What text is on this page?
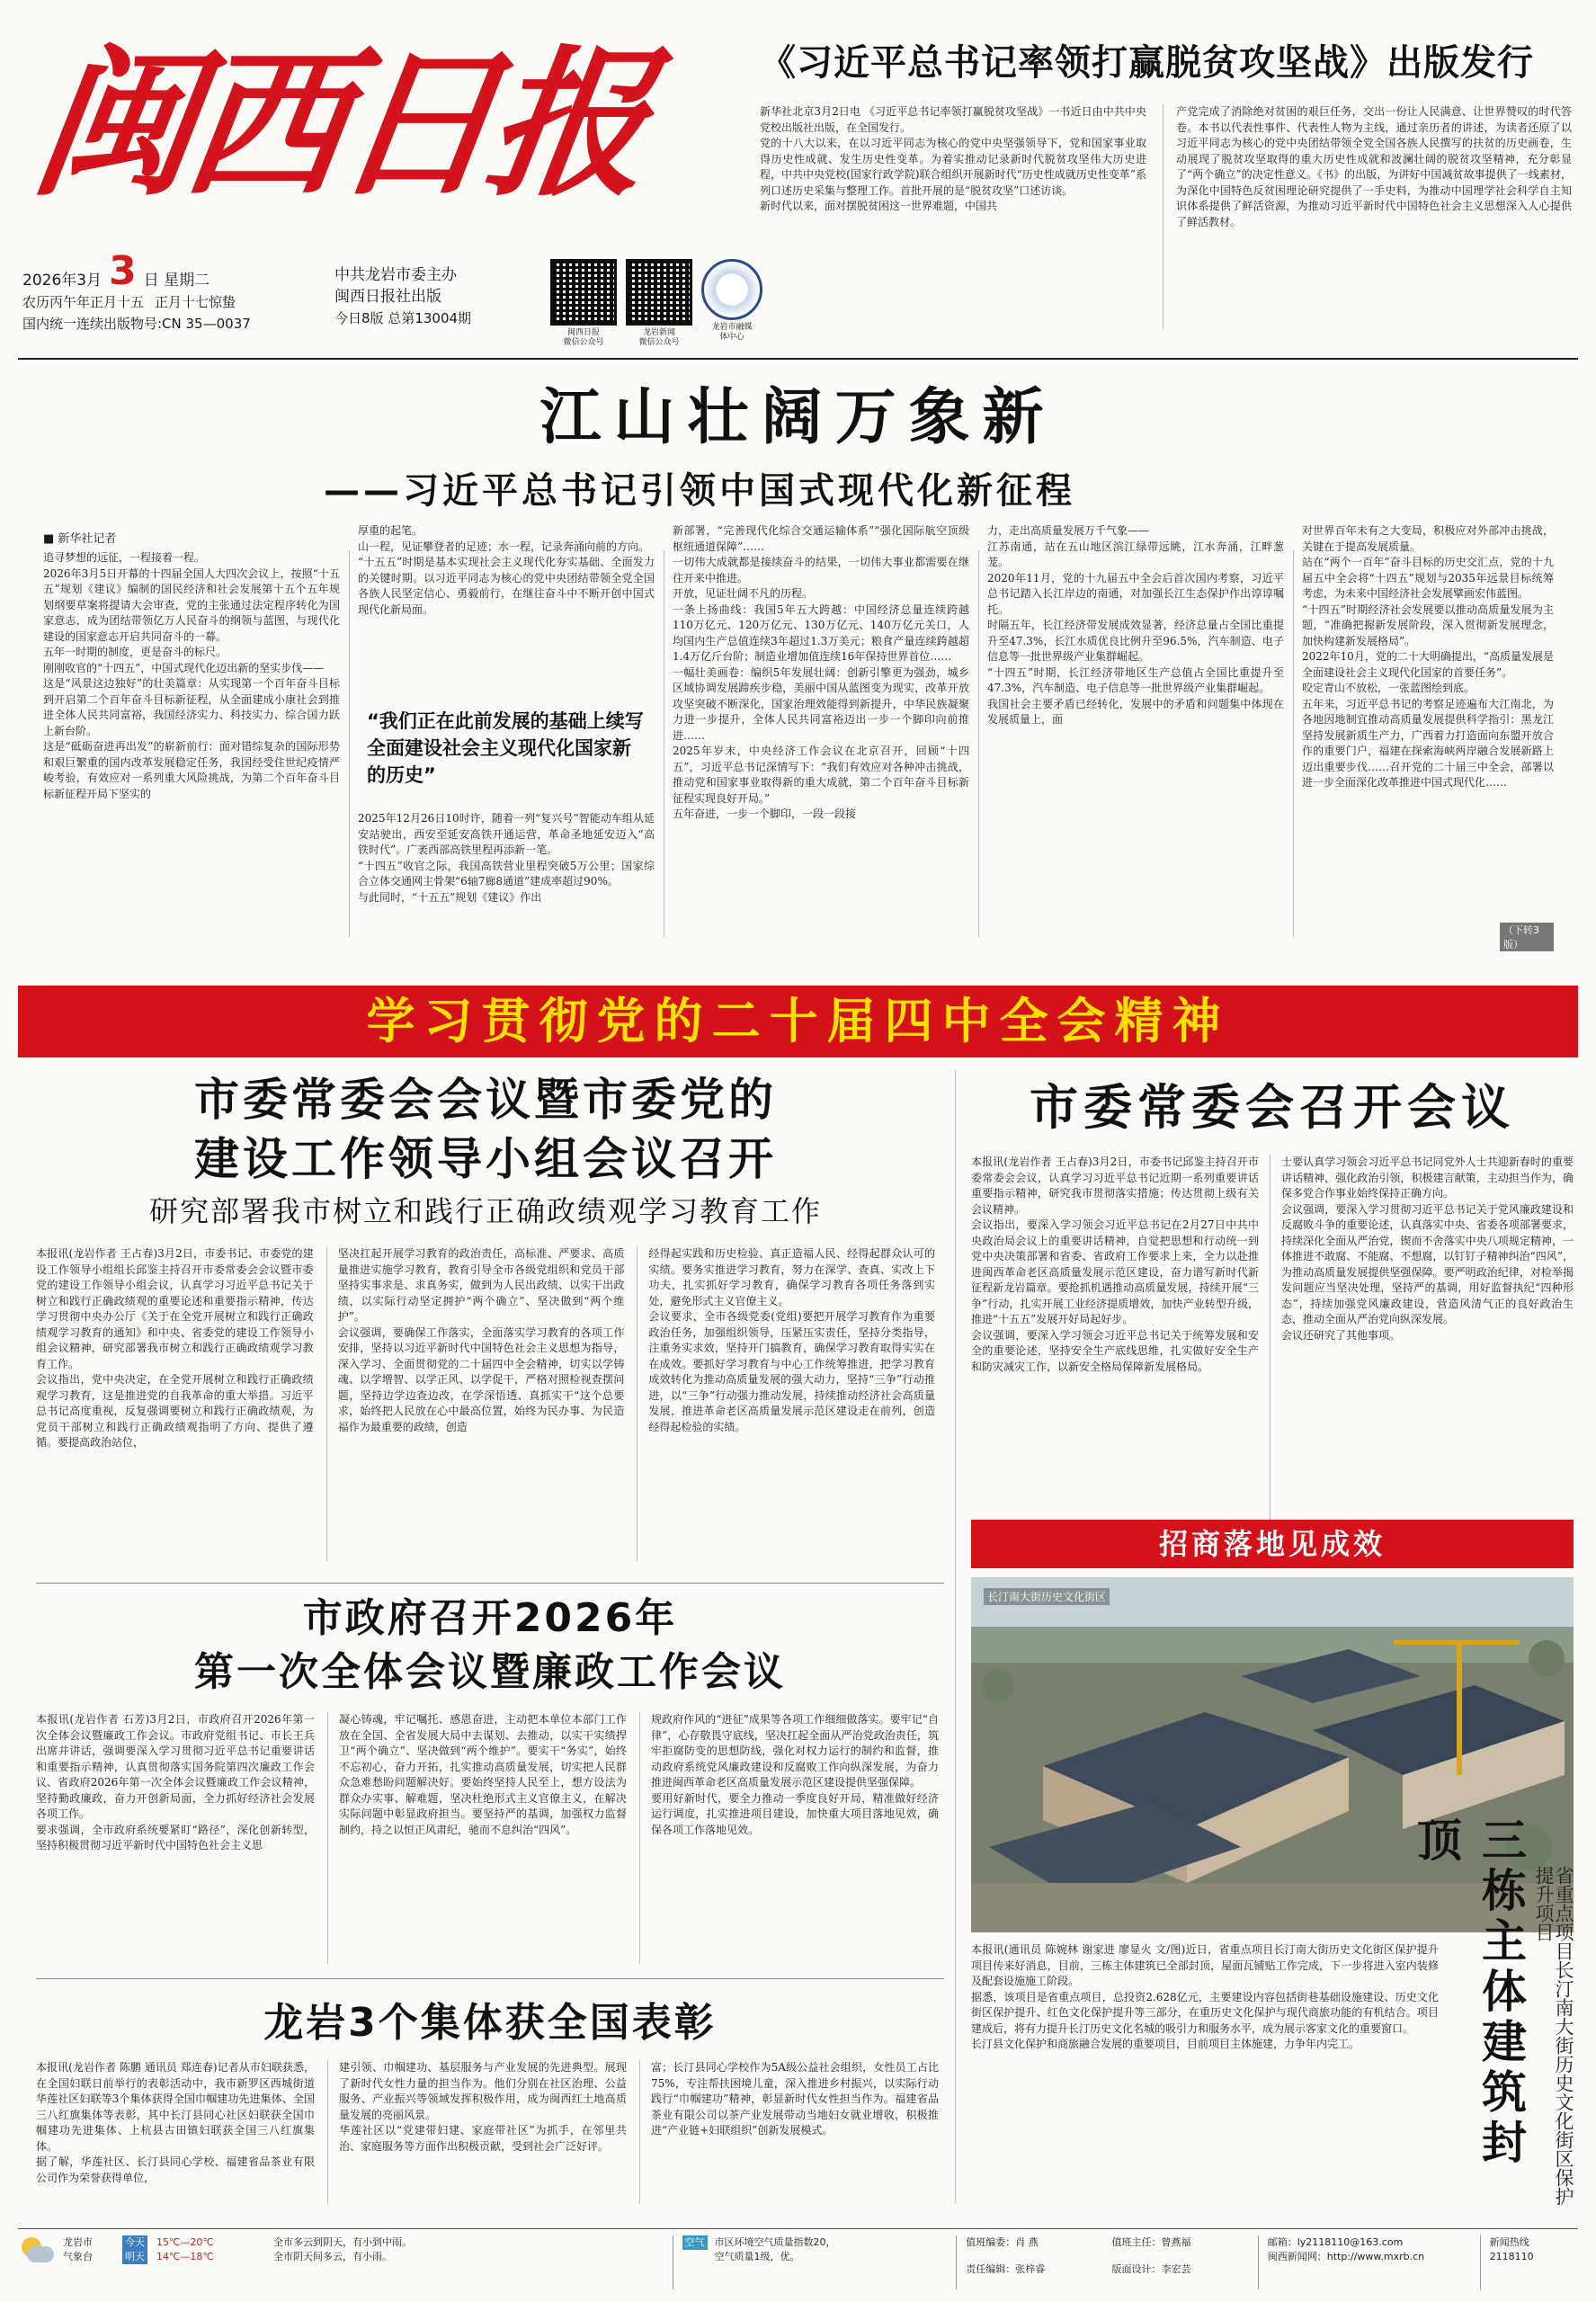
闽西日报
2026年3月 3 日 星期二
农历丙午年正月十五 正月十七惊蛰
国内统一连续出版物号:CN 35—0037
中共龙岩市委主办
闽西日报社出版
今日8版 总第13004期
闽西日报
微信公众号
龙岩新闻
微信公众号
龙岩市融媒
体中心
《习近平总书记率领打赢脱贫攻坚战》出版发行
新华社北京3月2日电 《习近平总书记率领打赢脱贫攻坚战》一书近日由中共中央党校出版社出版，在全国发行。
党的十八大以来，在以习近平同志为核心的党中央坚强领导下，党和国家事业取得历史性成就、发生历史性变革。为着实推动记录新时代脱贫攻坚伟大历史进程，中共中央党校(国家行政学院)联合组织开展新时代“历史性成就历史性变革”系列口述历史采集与整理工作。首批开展的是“脱贫攻坚”口述访谈。
新时代以来，面对摆脱贫困这一世界难题，中国共
产党完成了消除绝对贫困的艰巨任务，交出一份让人民满意、让世界赞叹的时代答卷。本书以代表性事件、代表性人物为主线，通过亲历者的讲述，为读者还原了以习近平同志为核心的党中央团结带领全党全国各族人民撰写的扶贫的历史画卷，生动展现了脱贫攻坚取得的重大历史性成就和波澜壮阔的脱贫攻坚精神，充分彰显了“两个确立”的决定性意义。《书》的出版，为讲好中国减贫故事提供了一线素材，为深化中国特色反贫困理论研究提供了一手史料，为推动中国理学社会科学自主知识体系提供了鲜活资源，为推动习近平新时代中国特色社会主义思想深入人心提供了鲜活教材。
江山壮阔万象新
——习近平总书记引领中国式现代化新征程
■ 新华社记者
追寻梦想的远征，一程接着一程。
2026年3月5日开幕的十四届全国人大四次会议上，按照“十五五”规划《建议》编制的国民经济和社会发展第十五个五年规划纲要草案将提请大会审查，党的主张通过法定程序转化为国家意志，成为团结带领亿万人民奋斗的纲领与蓝图，与现代化建设的国家意志开启共同奋斗的一幕。
五年一时期的制度，更是奋斗的标尺。
刚刚收官的“十四五”，中国式现代化迈出新的坚实步伐——
这是“风景这边独好”的壮美篇章：从实现第一个百年奋斗目标到开启第二个百年奋斗目标新征程，从全面建成小康社会到推进全体人民共同富裕，我国经济实力、科技实力、综合国力跃上新台阶。
这是“砥砺奋进再出发”的崭新前行：面对错综复杂的国际形势和艰巨繁重的国内改革发展稳定任务，我国经受住世纪疫情严峻考验，有效应对一系列重大风险挑战，为第二个百年奋斗目标新征程开局下坚实的
厚重的起笔。
山一程，见证攀登者的足迹；水一程，记录奔涌向前的方向。
“十五五”时期是基本实现社会主义现代化夯实基础、全面发力的关键时期。以习近平同志为核心的党中央团结带领全党全国各族人民坚定信心、勇毅前行，在继往奋斗中不断开创中国式现代化新局面。
“我们正在此前发展的基础上续写全面建设社会主义现代化国家新的历史”
2025年12月26日10时许，随着一列“复兴号”智能动车组从延安站驶出，西安至延安高铁开通运营，革命圣地延安迈入“高铁时代”。广袤西部高铁里程再添新一笔。
“十四五”收官之际，我国高铁营业里程突破5万公里；国家综合立体交通网主骨架“6轴7廊8通道”建成率超过90%。
与此同时，“十五五”规划《建议》作出
新部署，“完善现代化综合交通运输体系”“强化国际航空顶级枢纽通道保障”……
一切伟大成就都是接续奋斗的结果，一切伟大事业都需要在继往开来中推进。
开放，见证壮阔不凡的历程。
一条上扬曲线：我国5年五大跨越：中国经济总量连续跨越110万亿元、120万亿元、130万亿元、140万亿元关口，人均国内生产总值连续3年超过1.3万美元；粮食产量连续跨越超1.4万亿斤台阶；制造业增加值连续16年保持世界首位……
一幅壮美画卷：编织5年发展壮阔：创新引擎更为强劲，城乡区域协调发展蹄疾步稳，美丽中国从蓝图变为现实，改革开放攻坚突破不断深化，国家治理效能得到新提升，中华民族凝聚力进一步提升，全体人民共同富裕迈出一步一个脚印向前推进……
2025年岁末，中央经济工作会议在北京召开，回顾“十四五”，习近平总书记深情写下：“我们有效应对各种冲击挑战，推动党和国家事业取得新的重大成就，第二个百年奋斗目标新征程实现良好开局。”
五年奋进，一步一个脚印，一段一段接
力，走出高质量发展万千气象——
江苏南通，站在五山地区滨江绿带远眺，江水奔涌，江畔葱茏。
2020年11月，党的十九届五中全会后首次国内考察，习近平总书记踏入长江岸边的南通，对加强长江生态保护作出谆谆嘱托。
时隔五年，长江经济带发展成效显著，经济总量占全国比重提升至47.3%，长江水质优良比例升至96.5%，汽车制造、电子信息等一批世界级产业集群崛起。
“十四五”时期，长江经济带地区生产总值占全国比重提升至47.3%，汽车制造、电子信息等一批世界级产业集群崛起。
我国社会主要矛盾已经转化，发展中的矛盾和问题集中体现在发展质量上，面
对世界百年未有之大变局，积极应对外部冲击挑战，关键在于提高发展质量。
站在“两个一百年”奋斗目标的历史交汇点，党的十九届五中全会将“十四五”规划与2035年远景目标统筹考虑，为未来中国经济社会发展擘画宏伟蓝图。
“十四五”时期经济社会发展要以推动高质量发展为主题，“准确把握新发展阶段，深入贯彻新发展理念，加快构建新发展格局”。
2022年10月，党的二十大明确提出，“高质量发展是全面建设社会主义现代化国家的首要任务”。
咬定青山不放松，一张蓝图绘到底。
五年来，习近平总书记的考察足迹遍布大江南北，为各地因地制宜推动高质量发展提供科学指引：黑龙江坚持发展新质生产力，广西着力打造面向东盟开放合作的重要门户，福建在探索海峡两岸融合发展新路上迈出重要步伐……召开党的二十届三中全会，部署以进一步全面深化改革推进中国式现代化……
（下转3版）
学习贯彻党的二十届四中全会精神
市委常委会会议暨市委党的
建设工作领导小组会议召开
研究部署我市树立和践行正确政绩观学习教育工作
本报讯(龙岩作者 王占春)3月2日，市委书记、市委党的建设工作领导小组组长邱鉴主持召开市委常委会会议暨市委党的建设工作领导小组会议，认真学习习近平总书记关于树立和践行正确政绩观的重要论述和重要指示精神，传达学习贯彻中央办公厅《关于在全党开展树立和践行正确政绩观学习教育的通知》和中央、省委党的建设工作领导小组会议精神，研究部署我市树立和践行正确政绩观学习教育工作。
会议指出，党中央决定，在全党开展树立和践行正确政绩观学习教育，这是推进党的自我革命的重大举措。习近平总书记高度重视，反复强调要树立和践行正确政绩观，为党员干部树立和践行正确政绩观指明了方向、提供了遵循。要提高政治站位，
坚决扛起开展学习教育的政治责任，高标准、严要求、高质量推进实施学习教育，教育引导全市各级党组织和党员干部坚持实事求是、求真务实，做到为人民出政绩、以实干出政绩，以实际行动坚定拥护“两个确立”、坚决做到“两个维护”。
会议强调，要确保工作落实，全面落实学习教育的各项工作安排，坚持以习近平新时代中国特色社会主义思想为指导，深入学习、全面贯彻党的二十届四中全会精神，切实以学铸魂、以学增智、以学正风、以学促干，严格对照检视查摆问题，坚持边学边查边改，在学深悟透、真抓实干“这个总要求，始终把人民放在心中最高位置，始终为民办事、为民造福作为最重要的政绩，创造
经得起实践和历史检验、真正造福人民、经得起群众认可的实绩。要务实推进学习教育，努力在深学、查真、实改上下功夫，扎实抓好学习教育，确保学习教育各项任务落到实处，避免形式主义官僚主义。
会议要求，全市各级党委(党组)要把开展学习教育作为重要政治任务，加强组织领导，压紧压实责任，坚持分类指导，注重务实求效，坚持开门搞教育，确保学习教育取得实实在在成效。要抓好学习教育与中心工作统筹推进，把学习教育成效转化为推动高质量发展的强大动力，坚持“三争”行动推进，以“三争”行动强力推动发展，持续推动经济社会高质量发展，推进革命老区高质量发展示范区建设走在前列，创造经得起检验的实绩。
市委常委会召开会议
本报讯(龙岩作者 王占春)3月2日，市委书记邱鉴主持召开市委常委会会议，认真学习习近平总书记近期一系列重要讲话重要指示精神，研究我市贯彻落实措施；传达贯彻上级有关会议精神。
会议指出，要深入学习领会习近平总书记在2月27日中共中央政治局会议上的重要讲话精神，自觉把思想和行动统一到党中央决策部署和省委、省政府工作要求上来，全力以赴推进闽西革命老区高质量发展示范区建设，奋力谱写新时代新征程新龙岩篇章。要抢抓机遇推动高质量发展，持续开展“三争”行动，扎实开展工业经济提质增效，加快产业转型升级，推进“十五五”发展开好局起好步。
会议强调，要深入学习领会习近平总书记关于统筹发展和安全的重要论述，坚持安全生产底线思维，扎实做好安全生产和防灾减灾工作，以新安全格局保障新发展格局。
士要认真学习领会习近平总书记同党外人士共迎新春时的重要讲话精神，强化政治引领，积极建言献策，主动担当作为，确保多党合作事业始终保持正确方向。
会议强调，要深入学习贯彻习近平总书记关于党风廉政建设和反腐败斗争的重要论述，认真落实中央、省委各项部署要求，持续深化全面从严治党，锲而不舍落实中央八项规定精神，一体推进不敢腐、不能腐、不想腐，以钉钉子精神纠治“四风”，为推动高质量发展提供坚强保障。要严明政治纪律，对检举揭发问题应当坚决处理，坚持严的基调，用好监督执纪“四种形态”，持续加强党风廉政建设，营造风清气正的良好政治生态，推动全面从严治党向纵深发展。
会议还研究了其他事项。
市政府召开2026年
第一次全体会议暨廉政工作会议
本报讯(龙岩作者 石芳)3月2日，市政府召开2026年第一次全体会议暨廉政工作会议。市政府党组书记、市长王兵出席并讲话，强调要深入学习贯彻习近平总书记重要讲话和重要指示精神，认真贯彻落实国务院第四次廉政工作会议、省政府2026年第一次全体会议暨廉政工作会议精神，坚持勤政廉政，奋力开创新局面，全力抓好经济社会发展各项工作。
要求强调，全市政府系统要紧盯“路径”，深化创新转型，坚持积极贯彻习近平新时代中国特色社会主义思
凝心铸魂，牢记嘱托、感恩奋进，主动把本单位本部门工作放在全国、全省发展大局中去谋划、去推动，以实干实绩捍卫“两个确立”、坚决做到“两个维护”。要实干“务实”，始终不忘初心，奋力开拓，扎实推动高质量发展，切实把人民群众急难愁盼问题解决好。要始终坚持人民至上，想方设法为群众办实事、解难题，坚决杜绝形式主义官僚主义，在解决实际问题中彰显政府担当。要坚持严的基调，加强权力监督制约，持之以恒正风肃纪，驰而不息纠治“四风”。
规政府作风的“进征”成果等各项工作细细做落实。要牢记“自律”，心存敬畏守底线，坚决扛起全面从严治党政治责任，筑牢拒腐防变的思想防线，强化对权力运行的制约和监督，推动政府系统党风廉政建设和反腐败工作向纵深发展，为奋力推进闽西革命老区高质量发展示范区建设提供坚强保障。
要用好新时代，要全力推动一季度良好开局，精准做好经济运行调度，扎实推进项目建设，加快重大项目落地见效，确保各项工作落地见效。
龙岩3个集体获全国表彰
本报讯(龙岩作者 陈鹏 通讯员 郑连春)记者从市妇联获悉，在全国妇联日前举行的表彰活动中，我市新罗区西城街道华莲社区妇联等3个集体获得全国巾帼建功先进集体、全国三八红旗集体等表彰，其中长汀县同心社区妇联获全国巾帼建功先进集体、上杭县古田镇妇联获全国三八红旗集体。
据了解，华莲社区、长汀县同心学校、福建省品茶业有限公司作为荣誉获得单位，
建引领、巾帼建功、基层服务与产业发展的先进典型。展现了新时代女性力量的担当作为。他们分别在社区治理、公益服务、产业振兴等领域发挥积极作用，成为闽西红土地高质量发展的亮丽风景。
华莲社区以“党建带妇建、家庭带社区”为抓手，在邻里共治、家庭服务等方面作出积极贡献，受到社会广泛好评。
富；长汀县同心学校作为5A级公益社会组织，女性员工占比75%，专注帮扶困境儿童，深入推进乡村振兴，以实际行动践行“巾帼建功”精神，彰显新时代女性担当作为。福建省品茶业有限公司以茶产业发展带动当地妇女就业增收，积极推进“产业链+妇联组织”创新发展模式。
招商落地见成效
长汀南大街历史文化街区
本报讯(通讯员 陈婉林 谢家进 廖显火 文/图)近日，省重点项目长汀南大街历史文化街区保护提升项目传来好消息，目前，三栋主体建筑已全部封顶，屋面瓦铺贴工作完成，下一步将进入室内装修及配套设施施工阶段。
据悉，该项目是省重点项目，总投资2.628亿元，主要建设内容包括街巷基础设施建设、历史文化街区保护提升、红色文化保护提升等三部分，在重历史文化保护与现代商旅功能的有机结合。项目建成后，将有力提升长汀历史文化名城的吸引力和服务水平，成为展示客家文化的重要窗口。
长汀县文化保护和商旅融合发展的重要项目，目前项目主体施建，力争年内完工。	三栋主体建筑封顶
省重点项目长汀南大街历史文化街区保护提升项目
龙岩市
气象台
今天 15℃—20℃	全市多云到阴天，有小到中雨。
明天 14℃—18℃	全市阴天间多云，有小雨。
空气 市区环境空气质量指数20，
空气质量1级，优。
值班编委：肖 燕	值班主任：曾燕福
责任编辑：张梓睿	版面设计：李宏芸
邮箱：ly2118110@163.com
闽西新闻网：http://www.mxrb.cn
新闻热线
2118110
